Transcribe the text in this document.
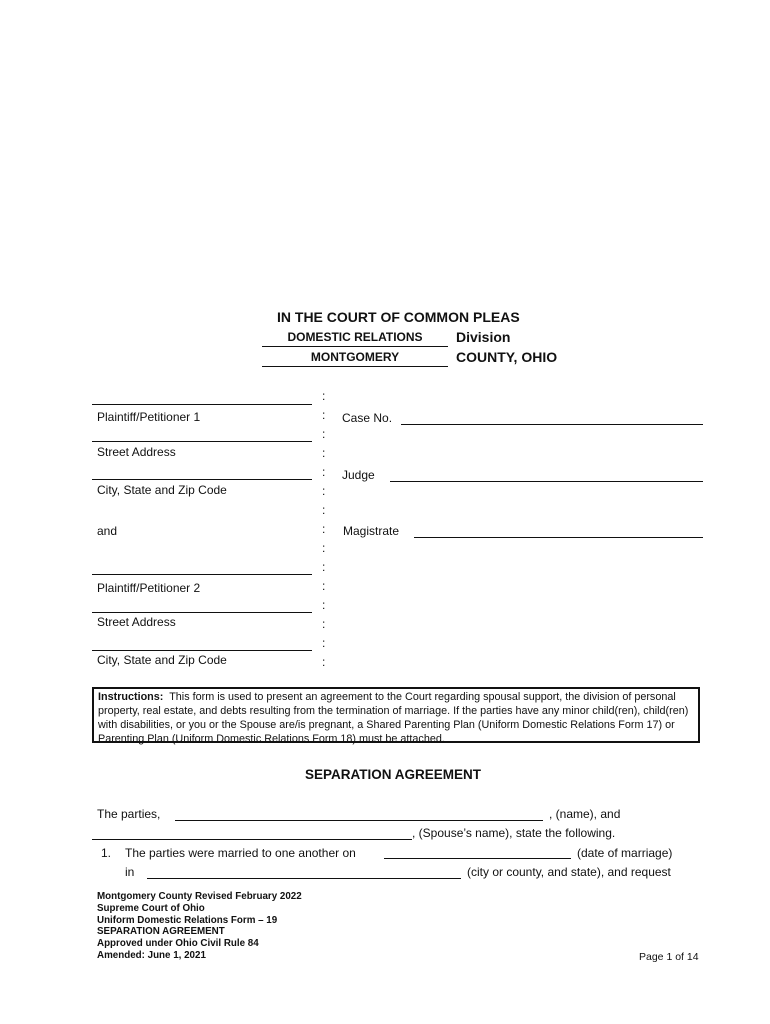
IN THE COURT OF COMMON PLEAS
DOMESTIC RELATIONS	Division
MONTGOMERY	COUNTY, OHIO
Plaintiff/Petitioner 1
Street Address
City, State and Zip Code
and
Plaintiff/Petitioner 2
Street Address
City, State and Zip Code
:
:
:
:
:
:
:
:
:
:
:
:
:
:
:
Case No.
Judge
Magistrate
Instructions: This form is used to present an agreement to the Court regarding spousal support, the division of personal property, real estate, and debts resulting from the termination of marriage. If the parties have any minor child(ren), child(ren) with disabilities, or you or the Spouse are/is pregnant, a Shared Parenting Plan (Uniform Domestic Relations Form 17) or Parenting Plan (Uniform Domestic Relations Form 18) must be attached.
SEPARATION AGREEMENT
The parties,	, (name), and
, (Spouse’s name), state the following.
1. The parties were married to one another on	(date of marriage)
in	(city or county, and state), and request
Montgomery County Revised February 2022
Supreme Court of Ohio
Uniform Domestic Relations Form – 19
SEPARATION AGREEMENT
Approved under Ohio Civil Rule 84
Amended: June 1, 2021	Page 1 of 14
